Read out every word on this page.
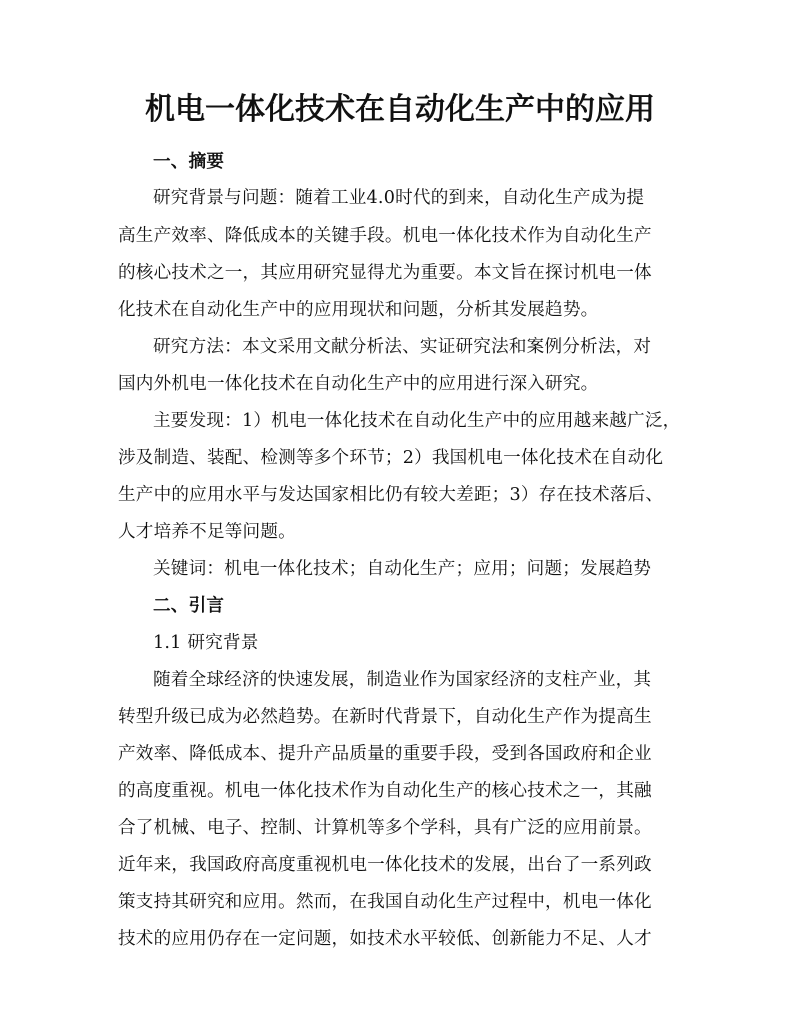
机电一体化技术在自动化生产中的应用
一、摘要
研究背景与问题：随着工业4.0时代的到来，自动化生产成为提
高生产效率、降低成本的关键手段。机电一体化技术作为自动化生产
的核心技术之一，其应用研究显得尤为重要。本文旨在探讨机电一体
化技术在自动化生产中的应用现状和问题，分析其发展趋势。
研究方法：本文采用文献分析法、实证研究法和案例分析法，对
国内外机电一体化技术在自动化生产中的应用进行深入研究。
主要发现：1）机电一体化技术在自动化生产中的应用越来越广泛，
涉及制造、装配、检测等多个环节；2）我国机电一体化技术在自动化
生产中的应用水平与发达国家相比仍有较大差距；3）存在技术落后、
人才培养不足等问题。
关键词：机电一体化技术；自动化生产；应用；问题；发展趋势
二、引言
1.1 研究背景
随着全球经济的快速发展，制造业作为国家经济的支柱产业，其
转型升级已成为必然趋势。在新时代背景下，自动化生产作为提高生
产效率、降低成本、提升产品质量的重要手段，受到各国政府和企业
的高度重视。机电一体化技术作为自动化生产的核心技术之一，其融
合了机械、电子、控制、计算机等多个学科，具有广泛的应用前景。
近年来，我国政府高度重视机电一体化技术的发展，出台了一系列政
策支持其研究和应用。然而，在我国自动化生产过程中，机电一体化
技术的应用仍存在一定问题，如技术水平较低、创新能力不足、人才
